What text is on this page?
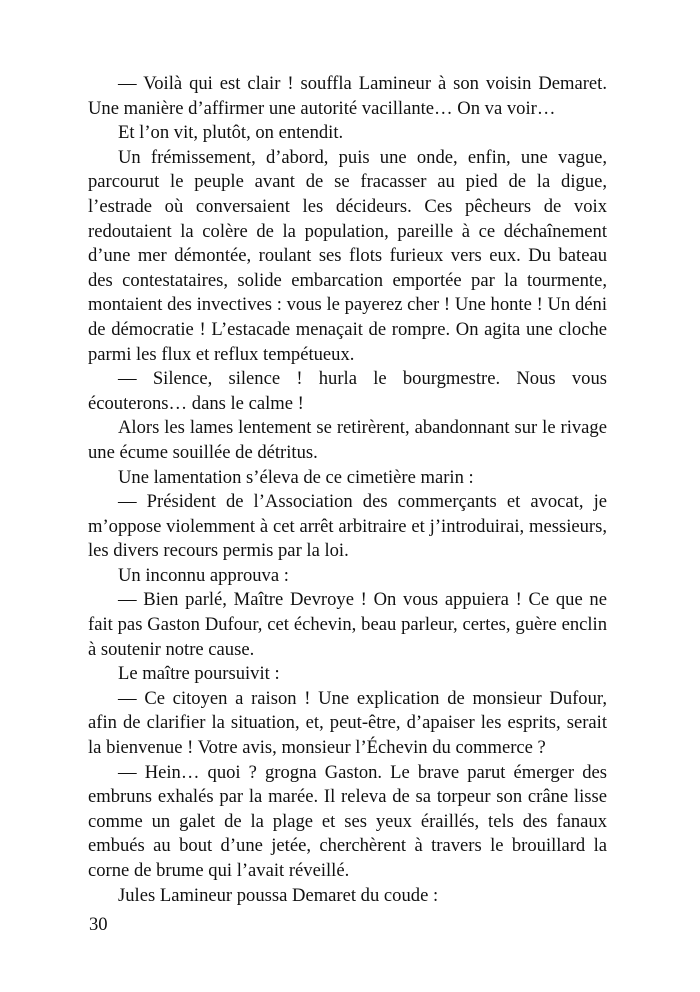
— Voilà qui est clair ! souffla Lamineur à son voisin Demaret. Une manière d’affirmer une autorité vacillante… On va voir…

Et l’on vit, plutôt, on entendit.

Un frémissement, d’abord, puis une onde, enfin, une vague, parcourut le peuple avant de se fracasser au pied de la digue, l’estrade où conversaient les décideurs. Ces pêcheurs de voix redoutaient la colère de la population, pareille à ce déchaînement d’une mer démontée, roulant ses flots furieux vers eux. Du bateau des contestataires, solide embarcation emportée par la tourmente, montaient des invectives : vous le payerez cher ! Une honte ! Un déni de démocratie ! L’estacade menaçait de rompre. On agita une cloche parmi les flux et reflux tempétueux.

— Silence, silence ! hurla le bourgmestre. Nous vous écouterons… dans le calme !

Alors les lames lentement se retirèrent, abandonnant sur le rivage une écume souillée de détritus.

Une lamentation s’éleva de ce cimetière marin :

— Président de l’Association des commerçants et avocat, je m’oppose violemment à cet arrêt arbitraire et j’introduirai, messieurs, les divers recours permis par la loi.

Un inconnu approuva :

— Bien parlé, Maître Devroye ! On vous appuiera ! Ce que ne fait pas Gaston Dufour, cet échevin, beau parleur, certes, guère enclin à soutenir notre cause.

Le maître poursuivit :

— Ce citoyen a raison ! Une explication de monsieur Dufour, afin de clarifier la situation, et, peut-être, d’apaiser les esprits, serait la bienvenue ! Votre avis, monsieur l’Échevin du commerce ?

— Hein… quoi ? grogna Gaston. Le brave parut émerger des embruns exhalés par la marée. Il releva de sa torpeur son crâne lisse comme un galet de la plage et ses yeux éraillés, tels des fanaux embués au bout d’une jetée, cherchèrent à travers le brouillard la corne de brume qui l’avait réveillé.

Jules Lamineur poussa Demaret du coude :

30
